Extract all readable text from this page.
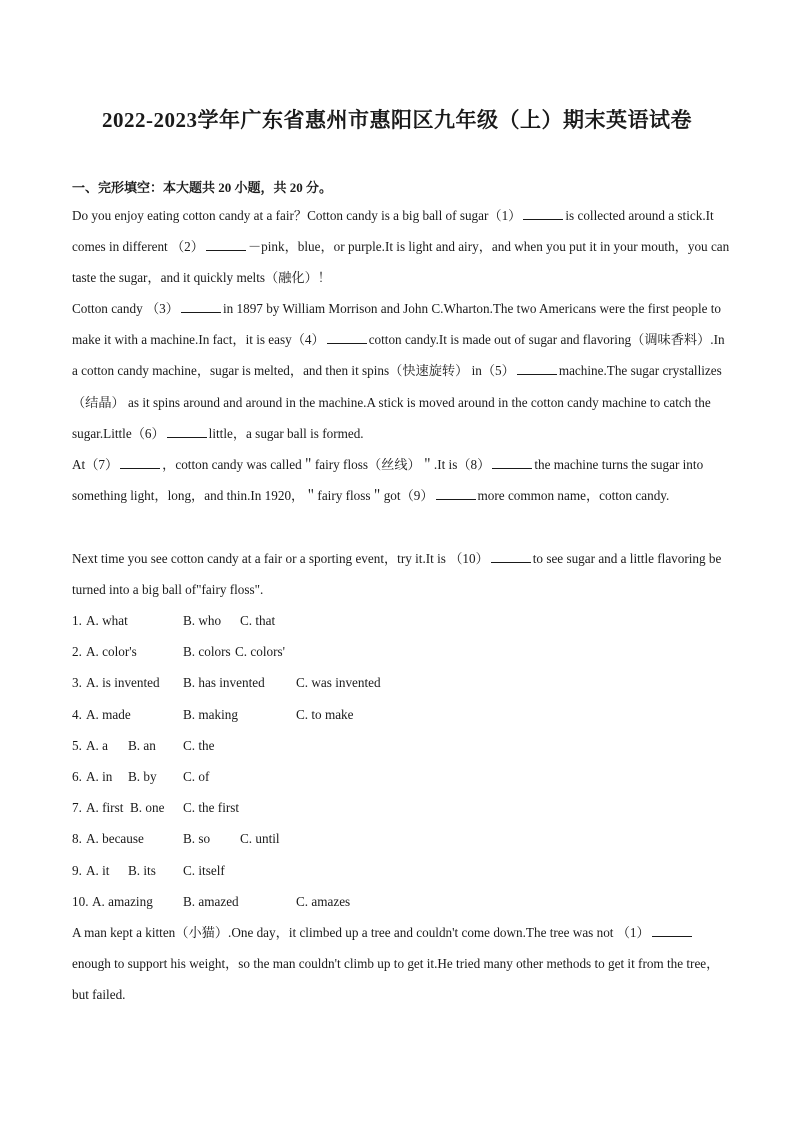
2022-2023学年广东省惠州市惠阳区九年级（上）期末英语试卷
一、完形填空：本大题共 20 小题，共 20 分。
Do you enjoy eating cotton candy at a fair？Cotton candy is a big ball of sugar（1）	is collected around a stick.It comes in different （2）	－pink，blue，or purple.It is light and airy，and when you put it in your mouth，you can taste the sugar，and it quickly melts（融化）！
Cotton candy （3）	in 1897 by William Morrison and John C.Wharton.The two Americans were the first people to make it with a machine.In fact，it is easy（4）	cotton candy.It is made out of sugar and flavoring（调味香料）.In a cotton candy machine，sugar is melted，and then it spins（快速旋转） in（5）	machine.The sugar crystallizes（结晶） as it spins around and around in the machine.A stick is moved around in the cotton candy machine to catch the sugar.Little（6）	little，a sugar ball is formed.
At（7）	，cotton candy was called＂fairy floss（丝线）＂.It is（8）	the machine turns the sugar into something light，long，and thin.In 1920，＂fairy floss＂got（9）	more common name，cotton candy.
Next time you see cotton candy at a fair or a sporting event，try it.It is （10）	to see sugar and a little flavoring be turned into a big ball of"fairy floss".
1. A. what	B. who C. that
2. A. color's	B. colors C. colors'
3. A. is invented B. has invented C. was invented
4. A. made	B. making	C. to make
5. A. a B. an C. the
6. A. in B. by C. of
7. A. first B. one C. the first
8. A. because	B. so C. until
9. A. it B. its C. itself
10. A. amazing B. amazed	C. amazes
A man kept a kitten（小猫）.One day，it climbed up a tree and couldn't come down.The tree was not （1）enough to support his weight，so the man couldn't climb up to get it.He tried many other methods to get it from the tree，but failed.
